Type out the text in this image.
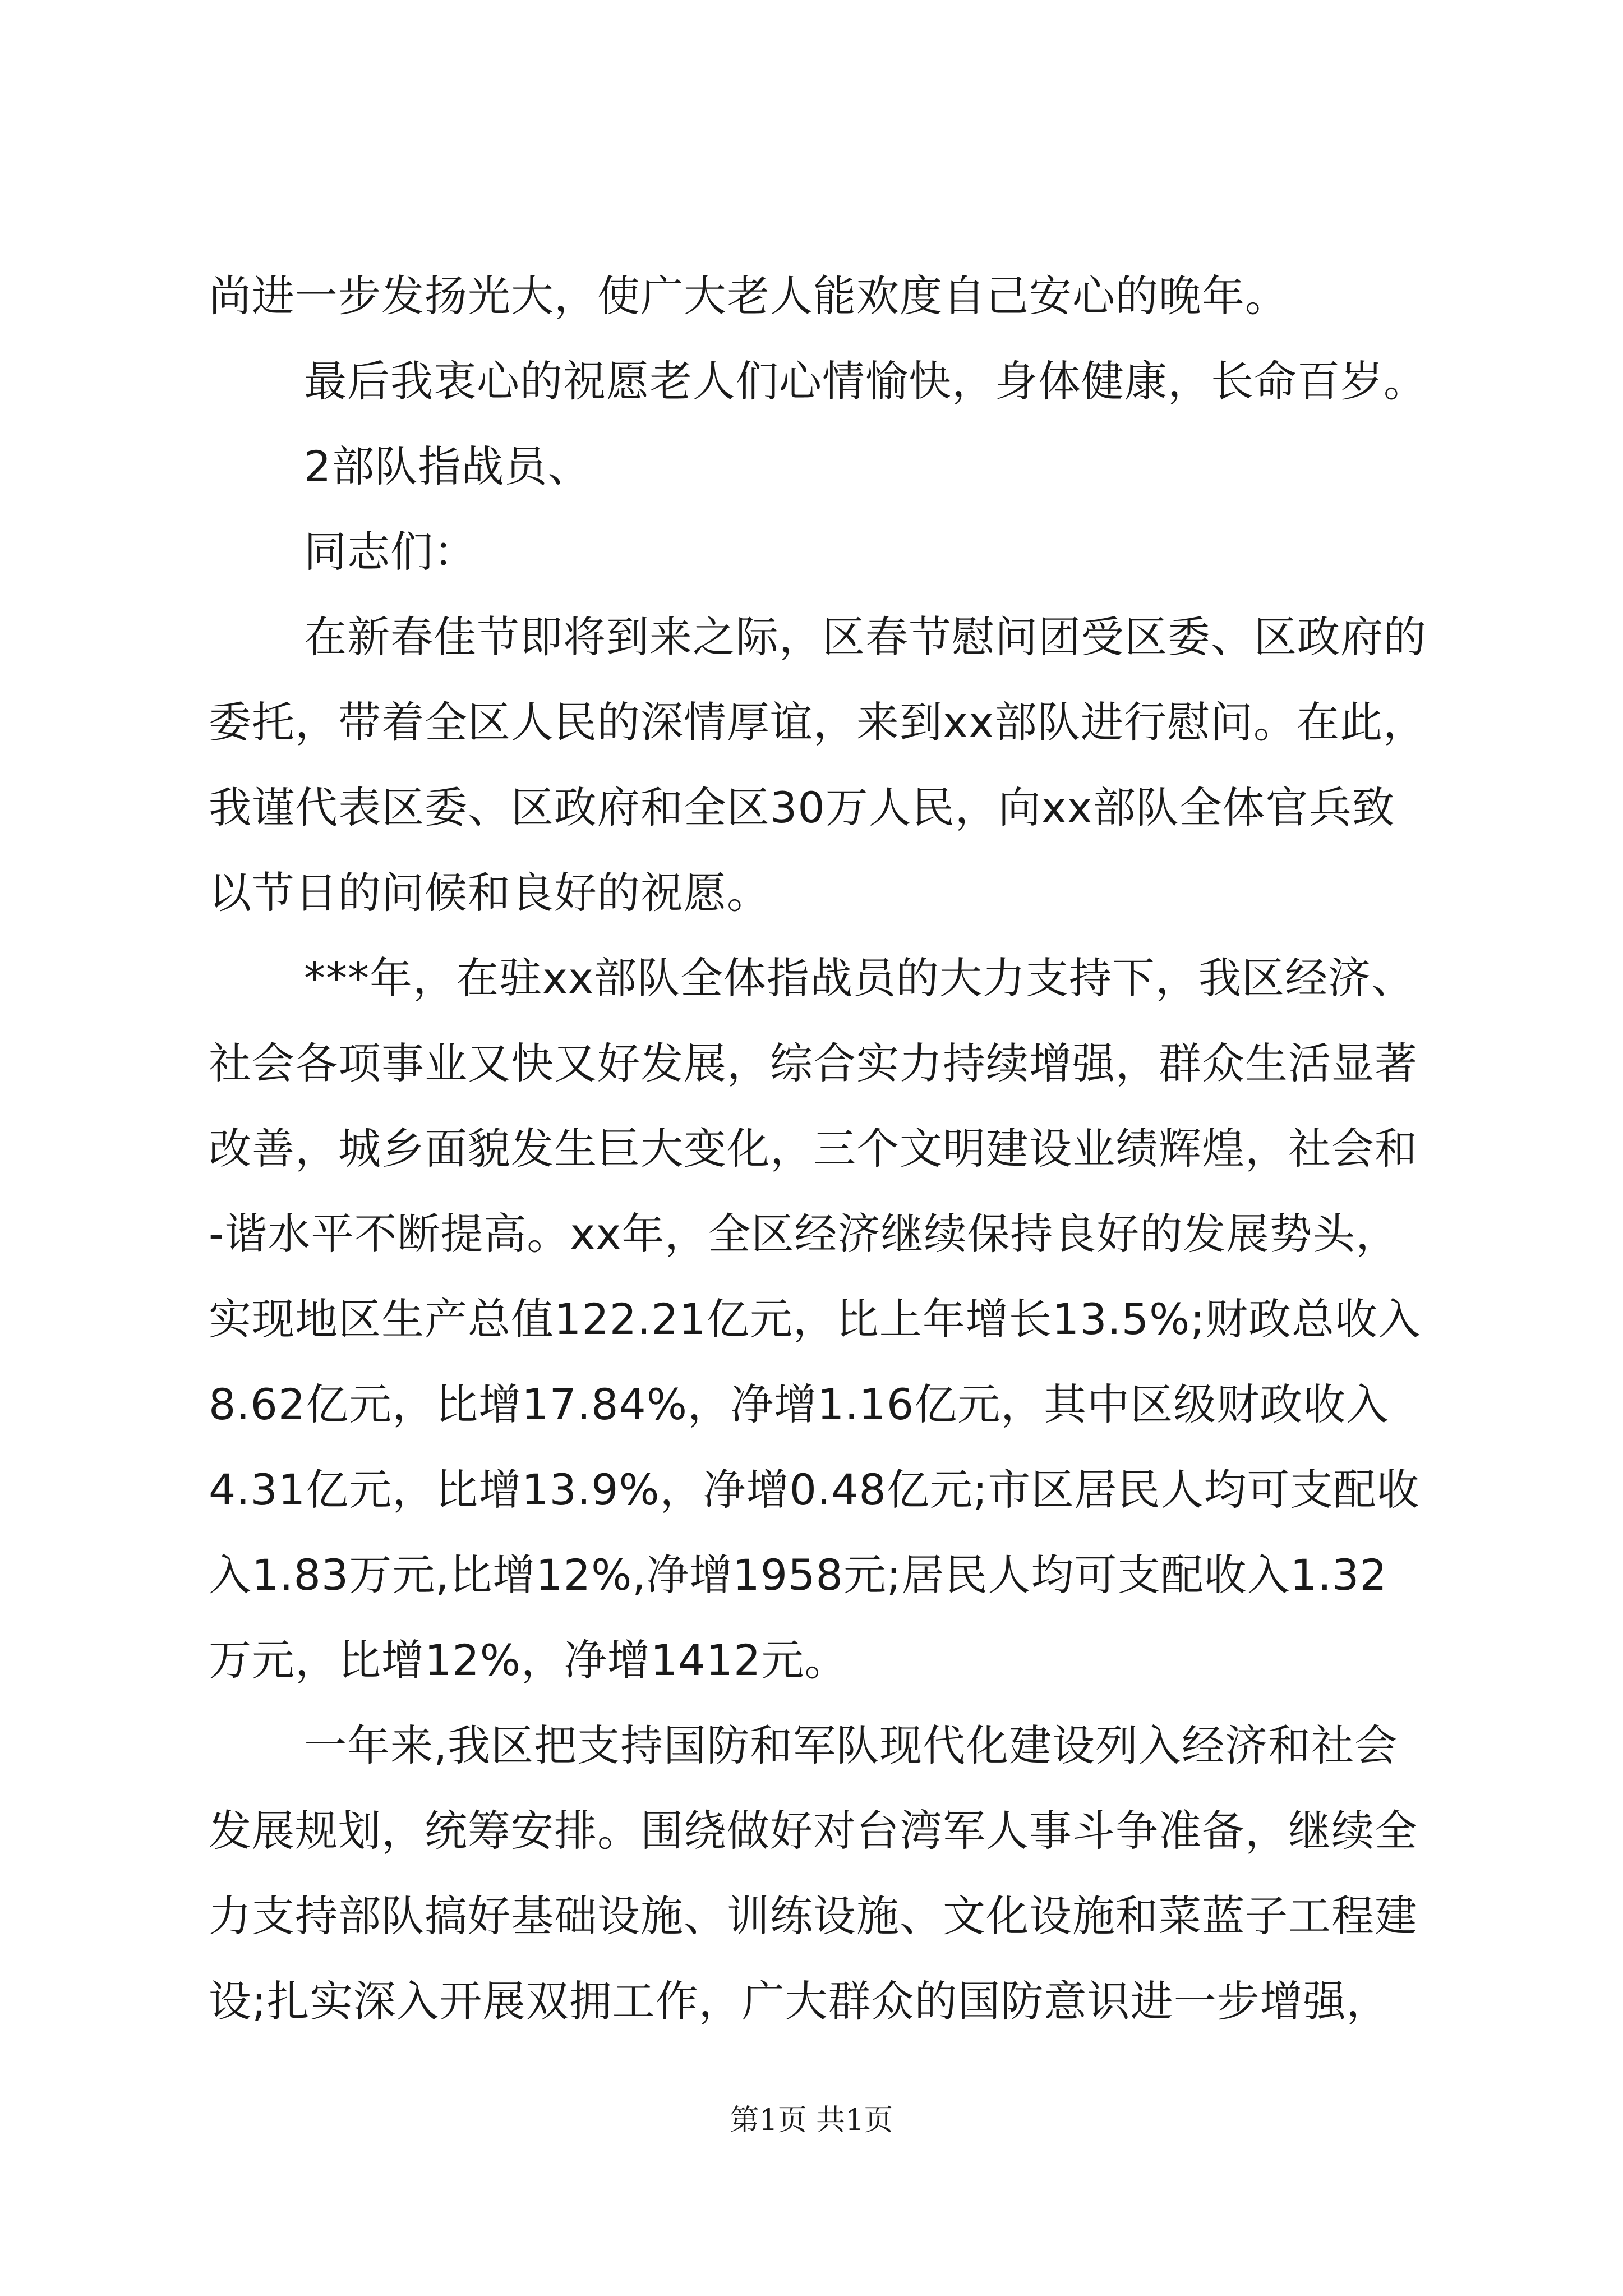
尚进一步发扬光大，使广大老人能欢度自己安心的晚年。
最后我衷心的祝愿老人们心情愉快，身体健康，长命百岁。
2部队指战员、
同志们：
在新春佳节即将到来之际，区春节慰问团受区委、区政府的
委托，带着全区人民的深情厚谊，来到xx部队进行慰问。在此，
我谨代表区委、区政府和全区30万人民，向xx部队全体官兵致
以节日的问候和良好的祝愿。
***年，在驻xx部队全体指战员的大力支持下，我区经济、
社会各项事业又快又好发展，综合实力持续增强，群众生活显著
改善，城乡面貌发生巨大变化，三个文明建设业绩辉煌，社会和
-谐水平不断提高。xx年，全区经济继续保持良好的发展势头，
实现地区生产总值122.21亿元，比上年增长13.5%;财政总收入
8.62亿元，比增17.84%，净增1.16亿元，其中区级财政收入
4.31亿元，比增13.9%，净增0.48亿元;市区居民人均可支配收
入1.83万元,比增12%,净增1958元;居民人均可支配收入1.32
万元，比增12%，净增1412元。
一年来,我区把支持国防和军队现代化建设列入经济和社会
发展规划，统筹安排。围绕做好对台湾军人事斗争准备，继续全
力支持部队搞好基础设施、训练设施、文化设施和菜蓝子工程建
设;扎实深入开展双拥工作，广大群众的国防意识进一步增强，
第1页 共1页
